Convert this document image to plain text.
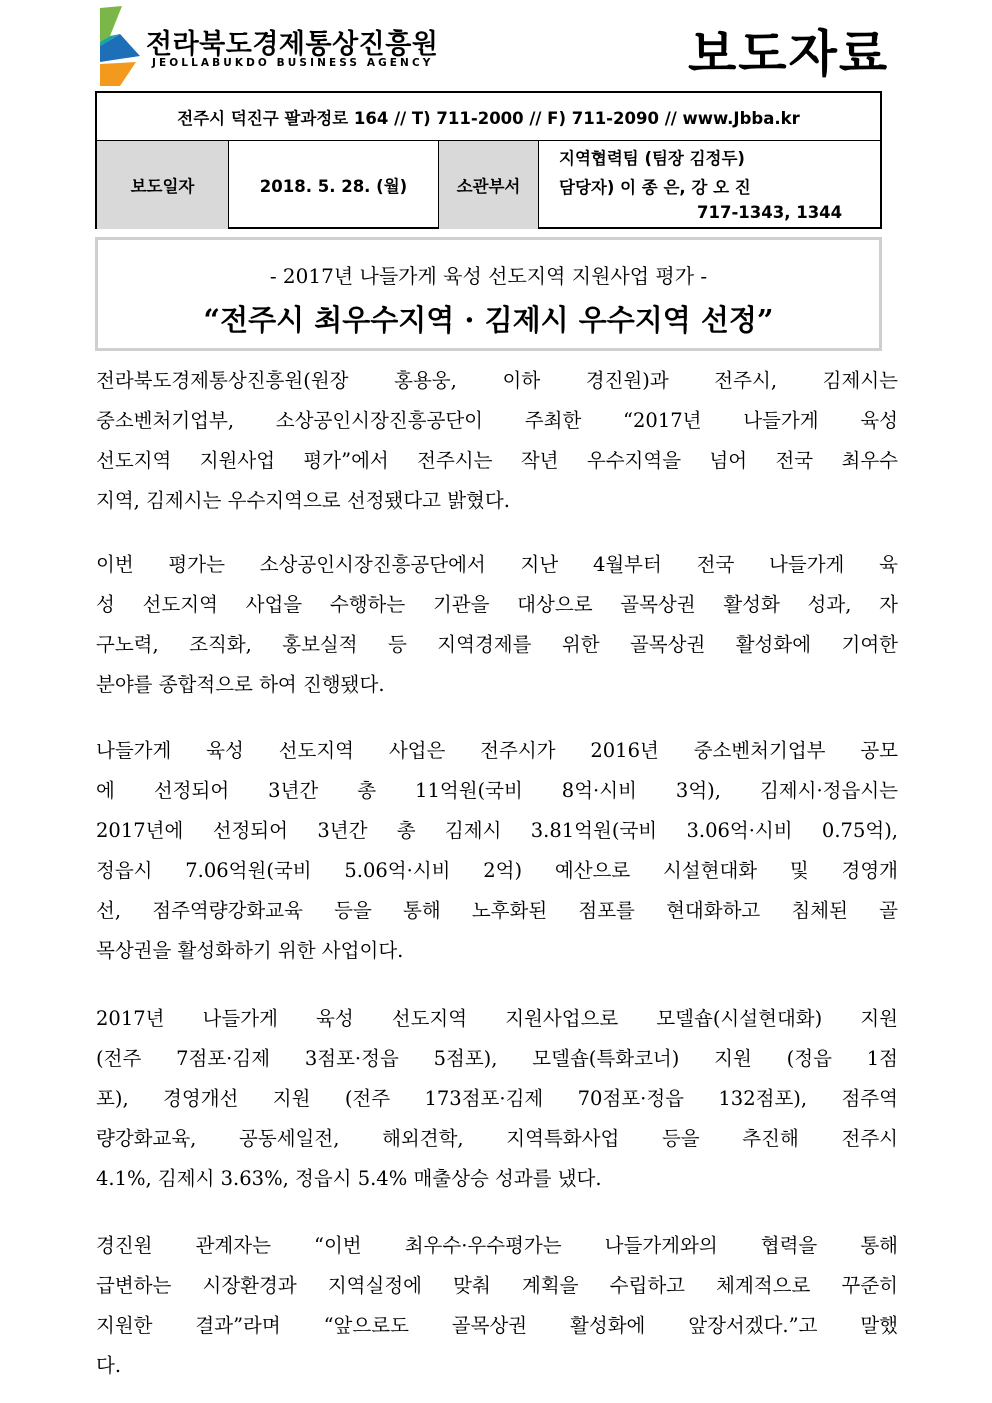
전라북도경제통상진흥원
JEOLLABUKDO BUSINESS AGENCY	보도자료
전주시 덕진구 팔과정로 164 // T) 711-2000 // F) 711-2090 // www.Jbba.kr
보도일자	2018. 5. 28. (월)	소관부서
지역협력팀 (팀장 김정두)
담당자) 이 종 은, 강 오 진
717-1343, 1344
- 2017년 나들가게 육성 선도지역 지원사업 평가 -
“전주시 최우수지역 · 김제시 우수지역 선정”
전라북도경제통상진흥원(원장 홍용웅, 이하 경진원)과 전주시, 김제시는
중소벤처기업부, 소상공인시장진흥공단이 주최한 “2017년 나들가게 육성
선도지역 지원사업 평가”에서 전주시는 작년 우수지역을 넘어 전국 최우수
지역, 김제시는 우수지역으로 선정됐다고 밝혔다.
이번 평가는 소상공인시장진흥공단에서 지난 4월부터 전국 나들가게 육
성 선도지역 사업을 수행하는 기관을 대상으로 골목상권 활성화 성과, 자
구노력, 조직화, 홍보실적 등 지역경제를 위한 골목상권 활성화에 기여한
분야를 종합적으로 하여 진행됐다.
나들가게 육성 선도지역 사업은 전주시가 2016년 중소벤처기업부 공모
에 선정되어 3년간 총 11억원(국비 8억·시비 3억), 김제시·정읍시는
2017년에 선정되어 3년간 총 김제시 3.81억원(국비 3.06억·시비 0.75억),
정읍시 7.06억원(국비 5.06억·시비 2억) 예산으로 시설현대화 및 경영개
선, 점주역량강화교육 등을 통해 노후화된 점포를 현대화하고 침체된 골
목상권을 활성화하기 위한 사업이다.
2017년 나들가게 육성 선도지역 지원사업으로 모델숍(시설현대화) 지원
(전주 7점포·김제 3점포·정읍 5점포), 모델숍(특화코너) 지원 (정읍 1점
포), 경영개선 지원 (전주 173점포·김제 70점포·정읍 132점포), 점주역
량강화교육, 공동세일전, 해외견학, 지역특화사업 등을 추진해 전주시
4.1%, 김제시 3.63%, 정읍시 5.4% 매출상승 성과를 냈다.
경진원 관계자는 “이번 최우수·우수평가는 나들가게와의 협력을 통해
급변하는 시장환경과 지역실정에 맞춰 계획을 수립하고 체계적으로 꾸준히
지원한 결과”라며 “앞으로도 골목상권 활성화에 앞장서겠다.”고 말했
다.
